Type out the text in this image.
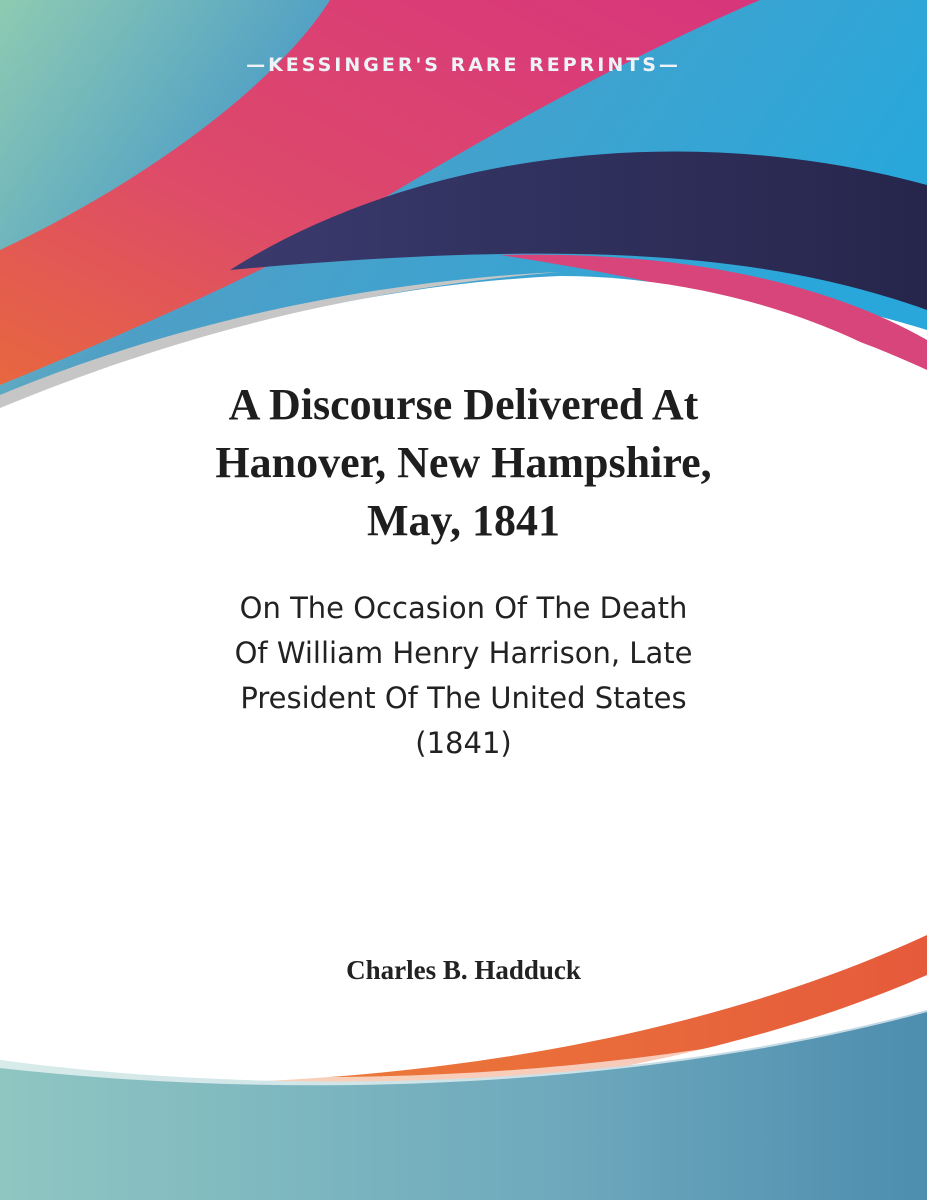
—KESSINGER'S RARE REPRINTS—
A Discourse Delivered At
Hanover, New Hampshire,
May, 1841
On The Occasion Of The Death
Of William Henry Harrison, Late
President Of The United States
(1841)
Charles B. Hadduck
